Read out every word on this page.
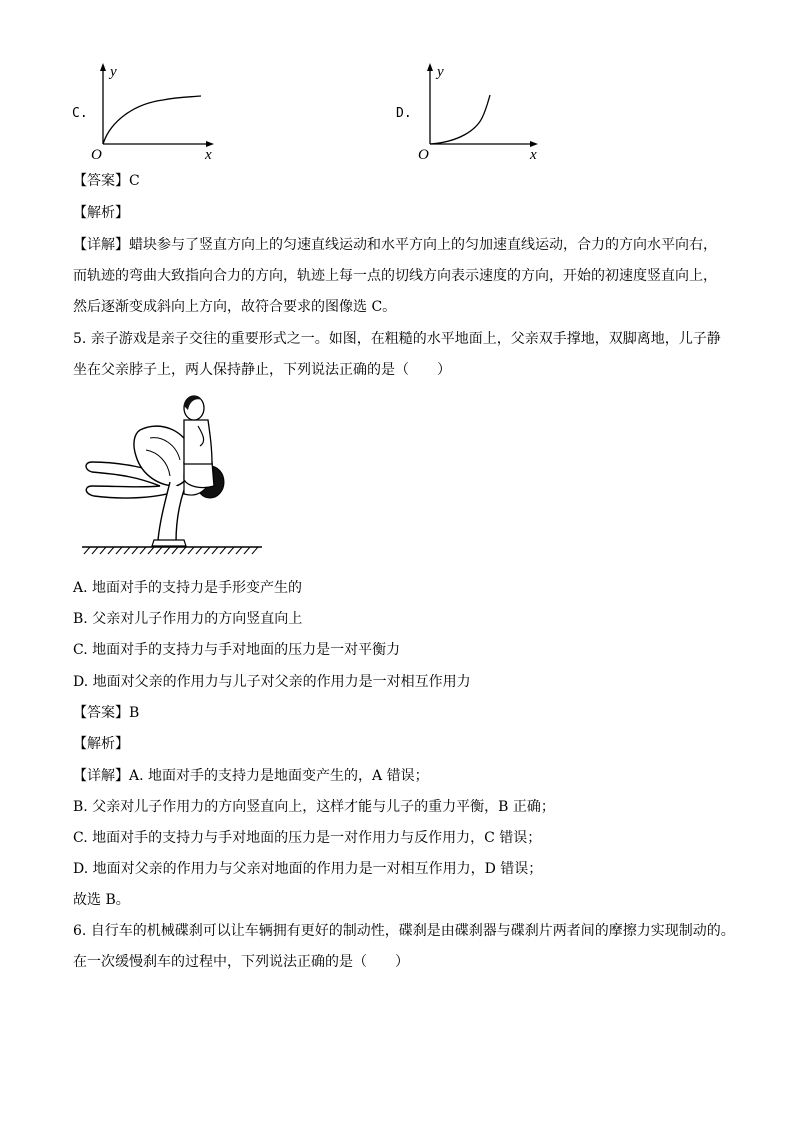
C.
y
x
O
D.
y
x
O
【答案】C
【解析】
【详解】蜡块参与了竖直方向上的匀速直线运动和水平方向上的匀加速直线运动，合力的方向水平向右，
而轨迹的弯曲大致指向合力的方向，轨迹上每一点的切线方向表示速度的方向，开始的初速度竖直向上，
然后逐渐变成斜向上方向，故符合要求的图像选 C。
5. 亲子游戏是亲子交往的重要形式之一。如图，在粗糙的水平地面上，父亲双手撑地，双脚离地，儿子静
坐在父亲脖子上，两人保持静止，下列说法正确的是（　　）
A. 地面对手的支持力是手形变产生的
B. 父亲对儿子作用力的方向竖直向上
C. 地面对手的支持力与手对地面的压力是一对平衡力
D. 地面对父亲的作用力与儿子对父亲的作用力是一对相互作用力
【答案】B
【解析】
【详解】A. 地面对手的支持力是地面变产生的，A 错误；
B. 父亲对儿子作用力的方向竖直向上，这样才能与儿子的重力平衡，B 正确；
C. 地面对手的支持力与手对地面的压力是一对作用力与反作用力，C 错误；
D. 地面对父亲的作用力与父亲对地面的作用力是一对相互作用力，D 错误；
故选 B。
6. 自行车的机械碟刹可以让车辆拥有更好的制动性，碟刹是由碟刹器与碟刹片两者间的摩擦力实现制动的。
在一次缓慢刹车的过程中，下列说法正确的是（　　）
